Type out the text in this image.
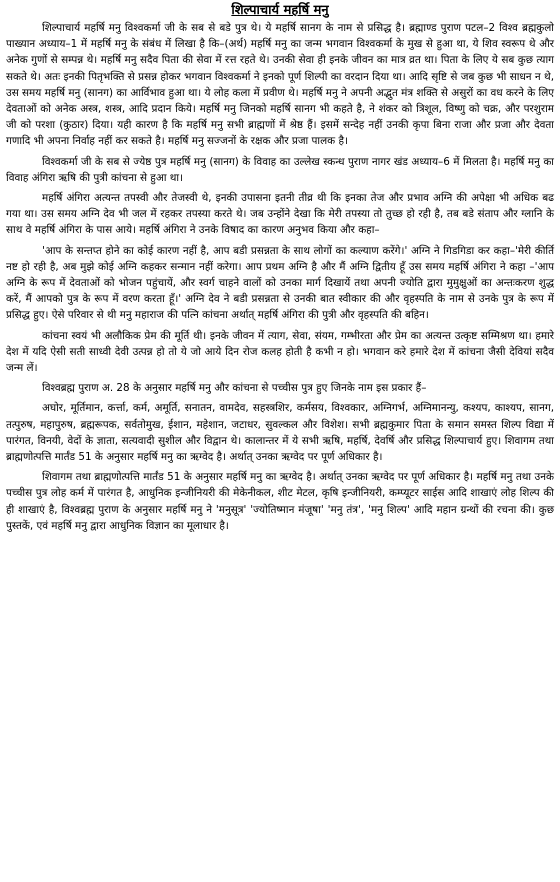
शिल्पाचार्य महर्षि मनु

शिल्पाचार्य महर्षि मनु विश्वकर्मा जी के सब से बडे पुत्र थे। ये महर्षि सानग के नाम से प्रसिद्ध है। ब्रह्माण्ड पुराण पटल–2 विश्व ब्रह्मकुलो पाख्यान अध्याय–1 में महर्षि मनु के संबंध में लिखा है कि–(अर्थ) महर्षि मनु का जन्म भगवान विश्वकर्मा के मुख से हुआ था, ये शिव स्वरूप थे और अनेक गुणों से सम्पन्न थे। महर्षि मनु सदैव पिता की सेवा में रत्त रहते थे। उनकी सेवा ही इनके जीवन का मात्र व्रत था। पिता के लिए ये सब कुछ त्याग सकते थे। अतः इनकी पितृभक्ति से प्रसन्न होकर भगवान विश्वकर्मा ने इनको पूर्ण शिल्पी का वरदान दिया था। आदि सृष्टि से जब कुछ भी साधन न थे, उस समय महर्षि मनु (सानग) का आर्विभाव हुआ था। ये लोह कला में प्रवीण थे। महर्षि मनु ने अपनी अद्भुत मंत्र शक्ति से असुरों का वध करने के लिए देवताओं को अनेक अस्त्र, शस्त्र, आदि प्रदान किये। महर्षि मनु जिनको महर्षि सानग भी कहते है, ने शंकर को त्रिशूल, विष्णु को चक्र, और परशुराम जी को परशा (कुठार) दिया। यही कारण है कि महर्षि मनु सभी ब्राह्मणों में श्रेष्ठ हैं। इसमें सन्देह नहीं उनकी कृपा बिना राजा और प्रजा और देवता गणादि भी अपना निर्वाह नहीं कर सकते है। महर्षि मनु सज्जनों के रक्षक और प्रजा पालक है।

विश्वकर्मा जी के सब से ज्येष्ठ पुत्र महर्षि मनु (सानग) के विवाह का उल्लेख स्कन्ध पुराण नागर खंड अध्याय–6 में मिलता है। महर्षि मनु का विवाह अंगिरा ऋषि की पुत्री कांचना से हुआ था।

महर्षि अंगिरा अत्यन्त तपस्वी और तेजस्वी थे, इनकी उपासना इतनी तीव्र थी कि इनका तेज और प्रभाव अग्नि की अपेक्षा भी अधिक बढ गया था। उस समय अग्नि देव भी जल में रहकर तपस्या करते थे। जब उन्होंने देखा कि मेरी तपस्या तो तुच्छ हो रही है, तब बडे संताप और ग्लानि के साथ वे महर्षि अंगिरा के पास आये। महर्षि अंगिरा ने उनके विषाद का कारण अनुभव किया और कहा–

'आप के सन्तप्त होने का कोई कारण नहीं है, आप बडी प्रसन्नता के साथ लोगों का कल्याण करेंगे।' अग्नि ने गिडगिडा कर कहा–'मेरी कीर्ति नष्ट हो रही है, अब मुझे कोई अग्नि कहकर सन्मान नहीं करेगा। आप प्रथम अग्नि है और मैं अग्नि द्वितीय हूँ उस समय महर्षि अंगिरा ने कहा –'आप अग्नि के रूप में देवताओं को भोजन पहुंचायें, और स्वर्ग चाहने वालों को उनका मार्ग दिखायें तथा अपनी ज्योति द्वारा मुमुक्षुओं का अन्तःकरण शुद्ध करें, मैं आपको पुत्र के रूप में वरण करता हूँ।' अग्नि देव ने बडी प्रसन्नता से उनकी बात स्वीकार की और वृहस्पति के नाम से उनके पुत्र के रूप में प्रसिद्ध हुए। ऐसे परिवार से थी मनु महाराज की पत्नि कांचना अर्थात् महर्षि अंगिरा की पुत्री और वृहस्पति की बहिन।

कांचना स्वयं भी अलौकिक प्रेम की मूर्ति थी। इनके जीवन में त्याग, सेवा, संयम, गम्भीरता और प्रेम का अत्यन्त उत्कृष्ट सम्मिश्रण था। हमारे देश में यदि ऐसी सती साध्वी देवी उत्पन्न हो तो ये जो आये दिन रोज कलह होती है कभी न हो। भगवान करे हमारे देश में कांचना जैसी देवियां सदैव जन्म लें।

विश्वब्रह्म पुराण अ. 28 के अनुसार महर्षि मनु और कांचना से पच्चीस पुत्र हुए जिनके नाम इस प्रकार हैं–

अघोर, मूर्तिमान, कर्त्ता, कर्म, अमूर्ति, सनातन, वामदेव, सहस्त्रशिर, कर्मसय, विश्वकार, अग्निगर्भ, अग्निमानन्यु, कश्यप, काश्यप, सानग, तत्पुरुष, महापुरुष, ब्रह्मरूपक, सर्वतोमुख, ईशान, महेशान, जटाधर, सुवल्कल और विशेश। सभी ब्रह्मकुमार पिता के समान समस्त शिल्प विद्या में पारंगत, विनयी, वेदों के ज्ञाता, सत्यवादी सुशील और विद्वान थे। कालान्तर में ये सभी ऋषि, महर्षि, देवर्षि और प्रसिद्ध शिल्पाचार्य हुए। शिवागम तथा ब्राह्मणोत्पत्ति मार्तंड 51 के अनुसार महर्षि मनु का ऋग्वेद है। अर्थात् उनका ऋग्वेद पर पूर्ण अधिकार है।

शिवागम तथा ब्राह्मणोत्पत्ति मार्तंड 51 के अनुसार महर्षि मनु का ऋग्वेद है। अर्थात् उनका ऋग्वेद पर पूर्ण अधिकार है। महर्षि मनु तथा उनके पच्चीस पुत्र लोह कर्म में पारंगत है, आधुनिक इन्जीनियरी की मेकेनीकल, शीट मेटल, कृषि इन्जीनियरी, कम्प्यूटर साईस आदि शाखाएं लोह शिल्प की ही शाखाएं है, विश्वब्रह्म पुराण के अनुसार महर्षि मनु ने 'मनुसूत्र' 'ज्योतिष्मान मंजूषा' 'मनु तंत्र', 'मनु शिल्प' आदि महान ग्रन्थों की रचना की। कुछ पुस्तकें, एवं महर्षि मनु द्वारा आधुनिक विज्ञान का मूलाधार है।
